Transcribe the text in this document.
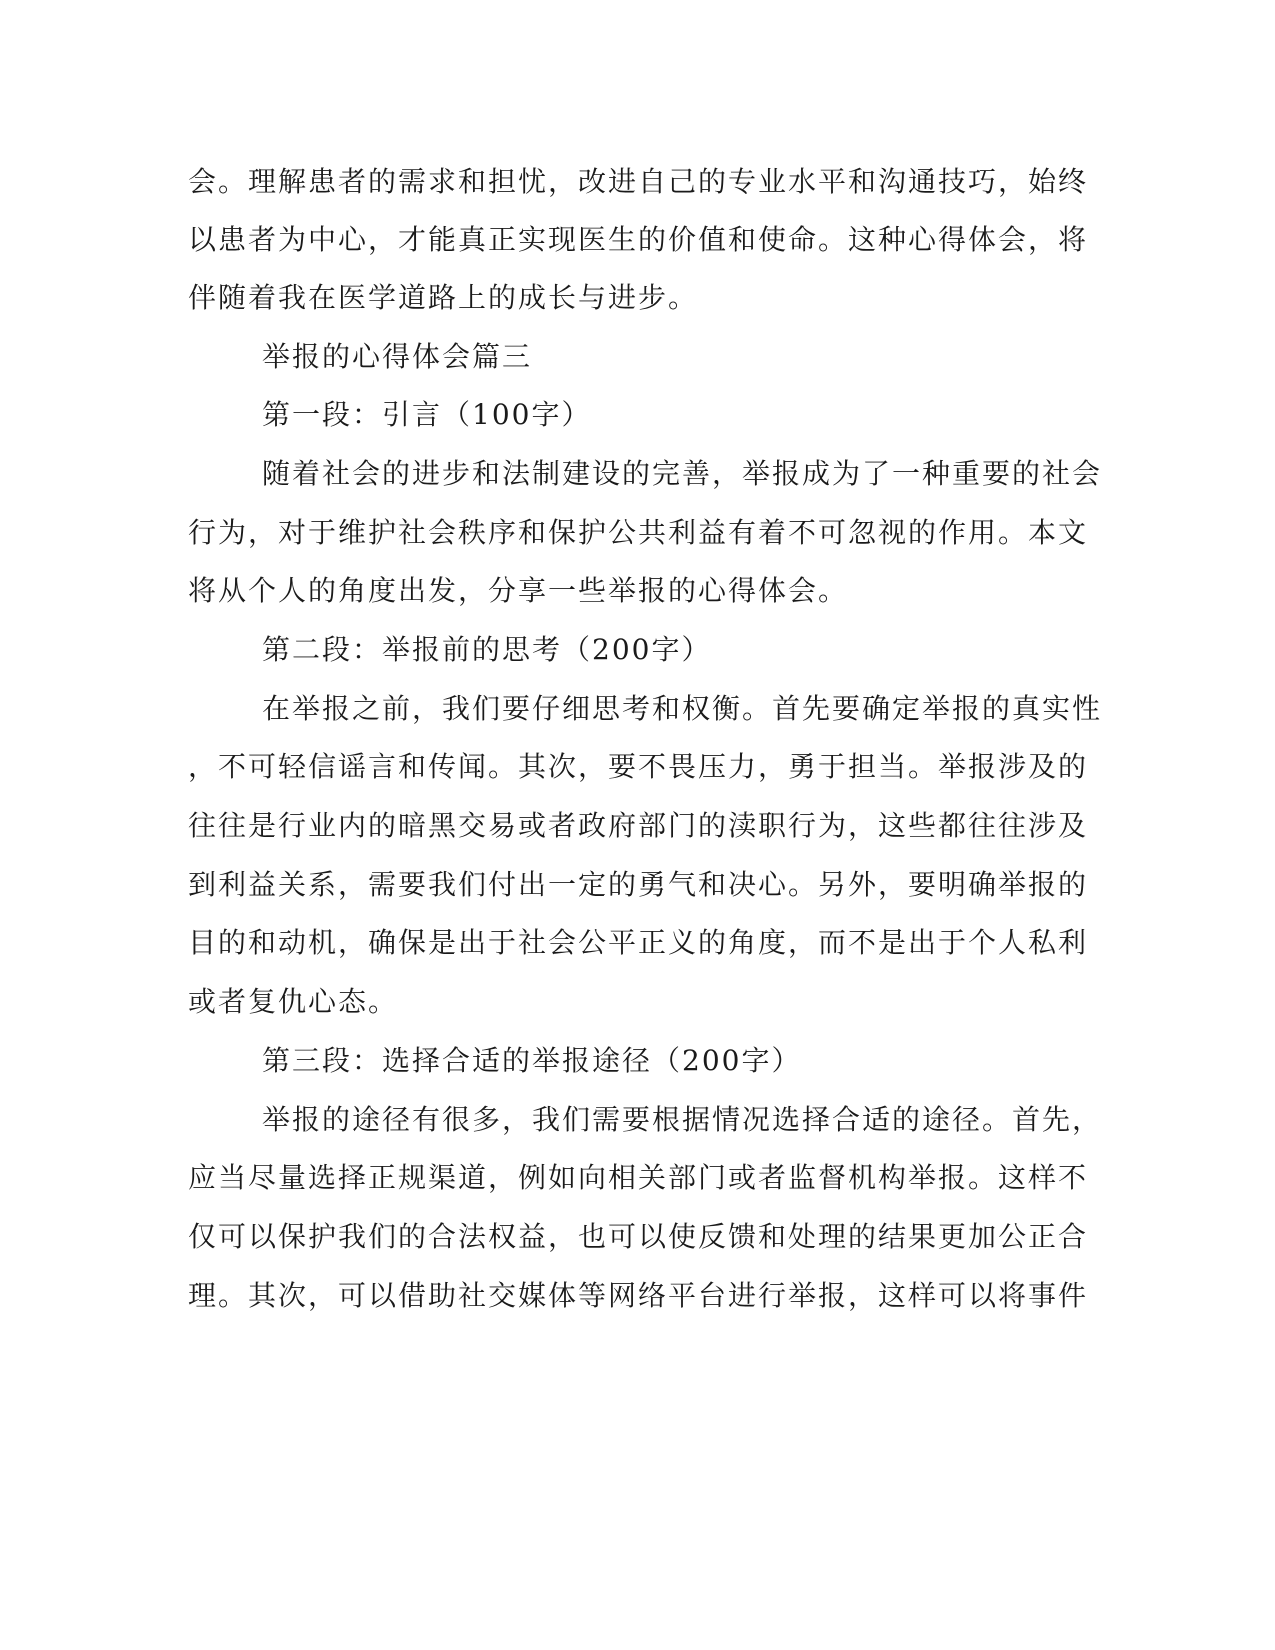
会。理解患者的需求和担忧，改进自己的专业水平和沟通技巧，始终
以患者为中心，才能真正实现医生的价值和使命。这种心得体会，将
伴随着我在医学道路上的成长与进步。
举报的心得体会篇三
第一段：引言（100字）
随着社会的进步和法制建设的完善，举报成为了一种重要的社会
行为，对于维护社会秩序和保护公共利益有着不可忽视的作用。本文
将从个人的角度出发，分享一些举报的心得体会。
第二段：举报前的思考（200字）
在举报之前，我们要仔细思考和权衡。首先要确定举报的真实性
，不可轻信谣言和传闻。其次，要不畏压力，勇于担当。举报涉及的
往往是行业内的暗黑交易或者政府部门的渎职行为，这些都往往涉及
到利益关系，需要我们付出一定的勇气和决心。另外，要明确举报的
目的和动机，确保是出于社会公平正义的角度，而不是出于个人私利
或者复仇心态。
第三段：选择合适的举报途径（200字）
举报的途径有很多，我们需要根据情况选择合适的途径。首先，
应当尽量选择正规渠道，例如向相关部门或者监督机构举报。这样不
仅可以保护我们的合法权益，也可以使反馈和处理的结果更加公正合
理。其次，可以借助社交媒体等网络平台进行举报，这样可以将事件
